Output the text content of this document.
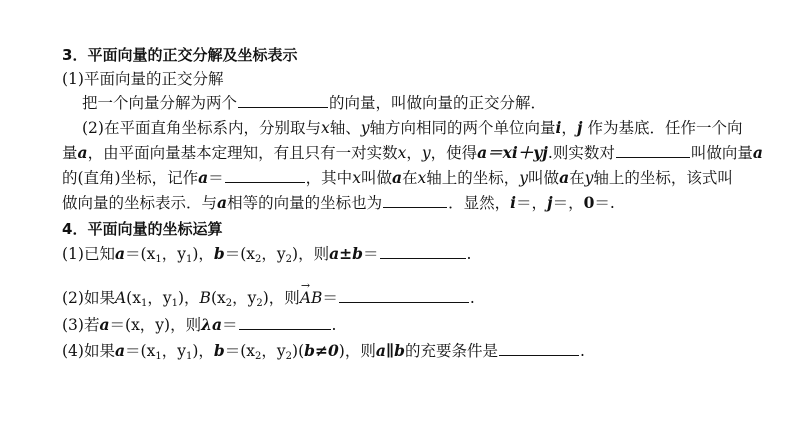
3．平面向量的正交分解及坐标表示
(1)平面向量的正交分解
把一个向量分解为两个	的向量，叫做向量的正交分解．
(2)在平面直角坐标系内，分别取与x轴、y轴方向相同的两个单位向量i，j 作为基底．任作一个向
量a，由平面向量基本定理知，有且只有一对实数x，y，使得a＝xi＋yj.则实数对	叫做向量a
的(直角)坐标，记作a＝	，其中x叫做a在x轴上的坐标，y叫做a在y轴上的坐标，该式叫
做向量的坐标表示．与a相等的向量的坐标也为	．显然，i＝，j＝，0＝.
4．平面向量的坐标运算
(1)已知$a=(x_1$，$y_1$)，$b=(x_2$，$y_2$)，则a±b＝	.
(2)如果$A(x_1$，$y_1$)，$B(x_2$，$y_2$)，则→ AB＝	.
(3)若a＝(x，y)，则λa＝	.
(4)如果$a=(x_1$，$y_1$)，$b=(x_2$，$y_2)(b\ne 0)$，则a∥b的充要条件是	.
